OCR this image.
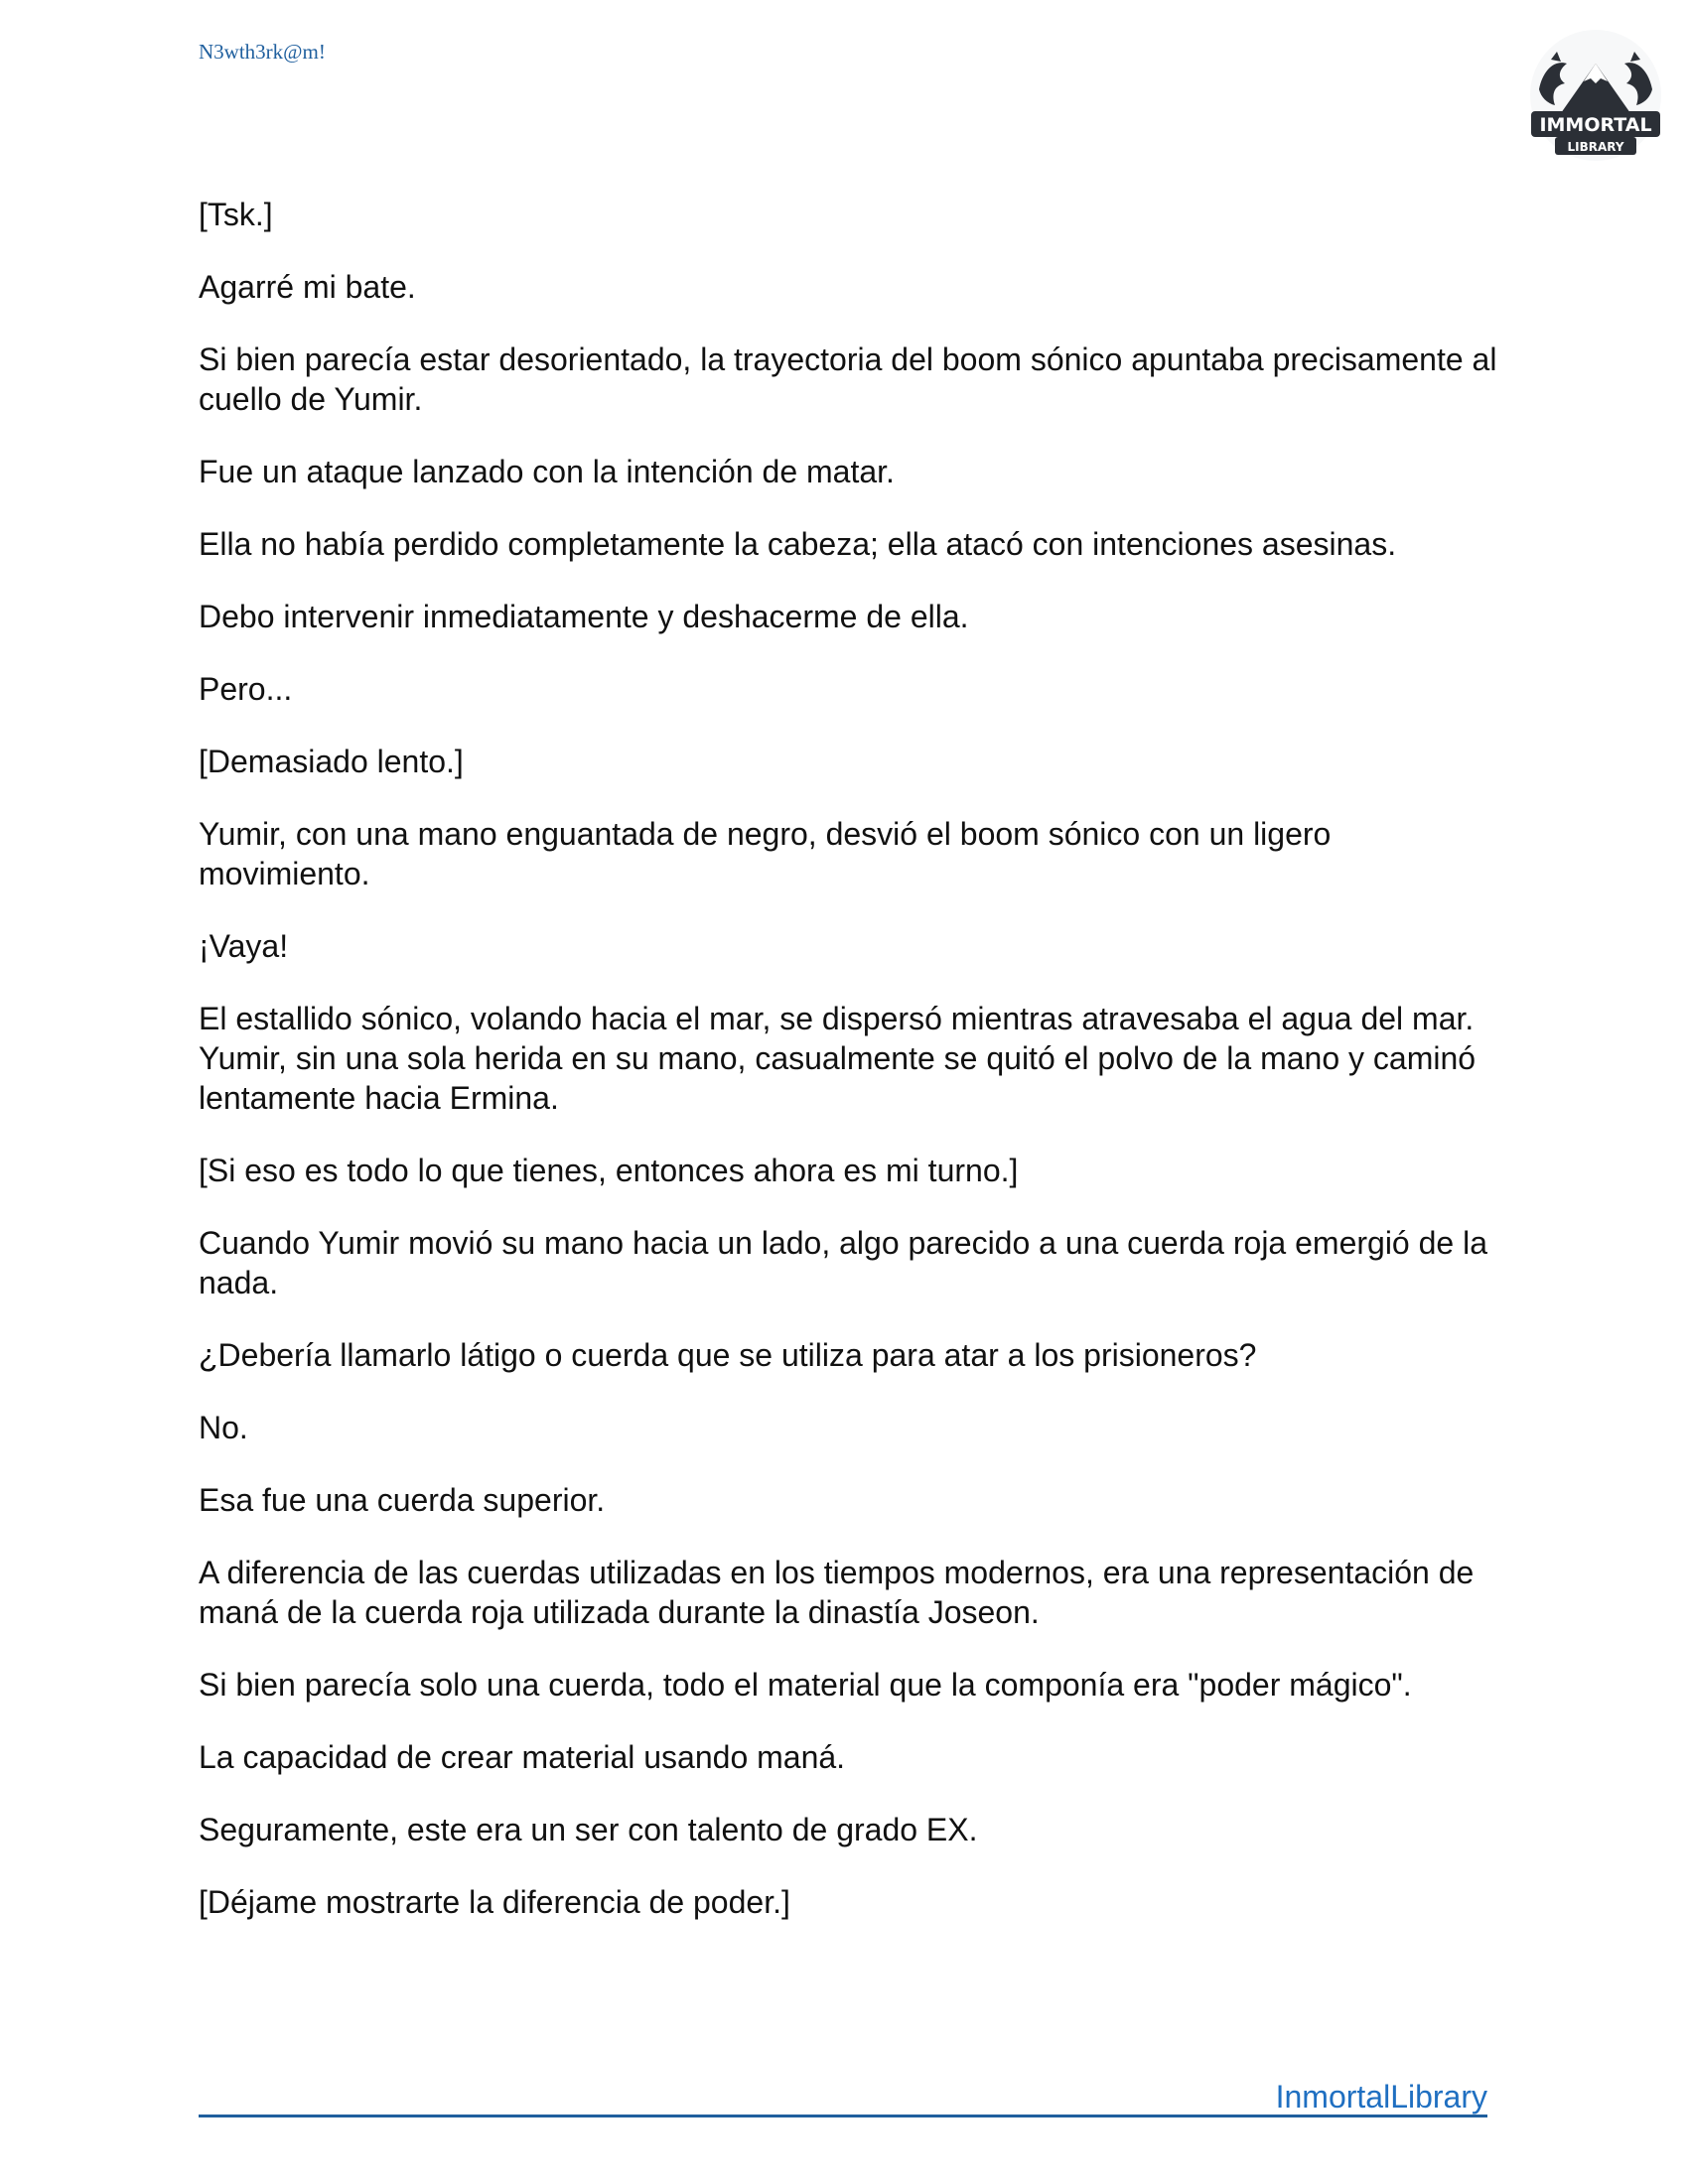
N3wth3rk@m!
IMMORTAL
LIBRARY

[Tsk.]

Agarré mi bate.

Si bien parecía estar desorientado, la trayectoria del boom sónico apuntaba precisamente al cuello de Yumir.

Fue un ataque lanzado con la intención de matar.

Ella no había perdido completamente la cabeza; ella atacó con intenciones asesinas.

Debo intervenir inmediatamente y deshacerme de ella.

Pero...

[Demasiado lento.]

Yumir, con una mano enguantada de negro, desvió el boom sónico con un ligero movimiento.

¡Vaya!

El estallido sónico, volando hacia el mar, se dispersó mientras atravesaba el agua del mar. Yumir, sin una sola herida en su mano, casualmente se quitó el polvo de la mano y caminó lentamente hacia Ermina.

[Si eso es todo lo que tienes, entonces ahora es mi turno.]

Cuando Yumir movió su mano hacia un lado, algo parecido a una cuerda roja emergió de la nada.

¿Debería llamarlo látigo o cuerda que se utiliza para atar a los prisioneros?

No.

Esa fue una cuerda superior.

A diferencia de las cuerdas utilizadas en los tiempos modernos, era una representación de maná de la cuerda roja utilizada durante la dinastía Joseon.

Si bien parecía solo una cuerda, todo el material que la componía era "poder mágico".

La capacidad de crear material usando maná.

Seguramente, este era un ser con talento de grado EX.

[Déjame mostrarte la diferencia de poder.]

InmortalLibrary
